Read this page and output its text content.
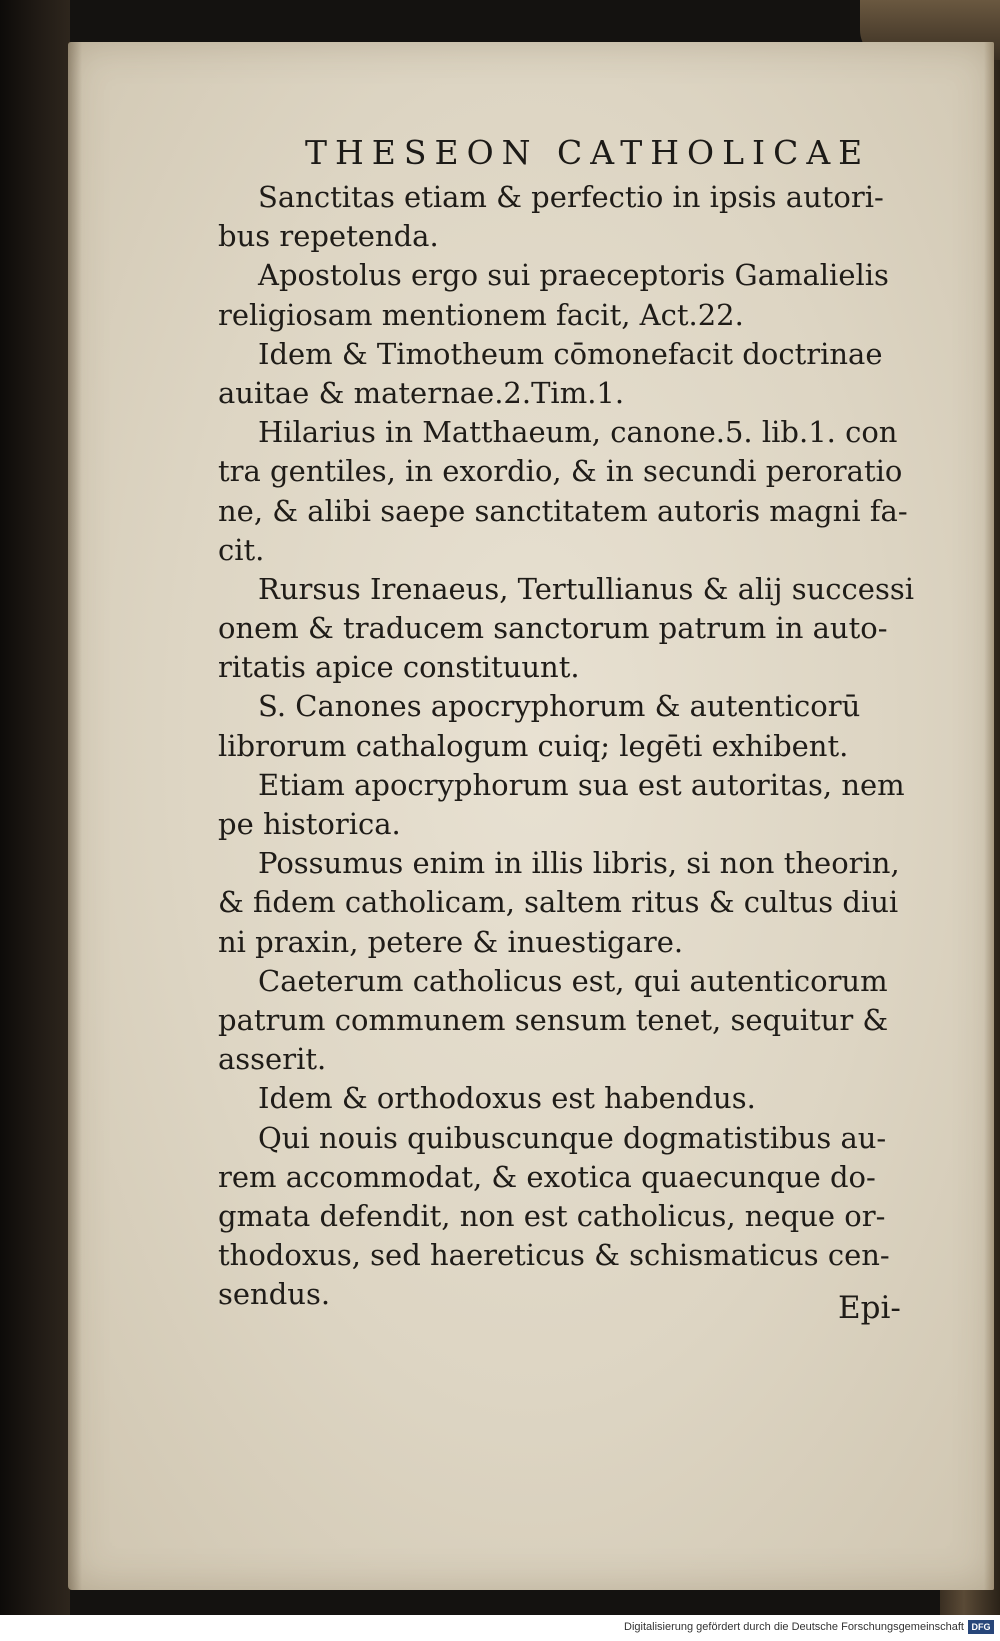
THESEON CATHOLICAE
Sanctitas etiam & perfectio in ipsis autori-
bus repetenda.
Apostolus ergo sui praeceptoris Gamalielis
religiosam mentionem facit, Act.22.
Idem & Timotheum cōmonefacit doctrinae
auitae & maternae.2.Tim.1.
Hilarius in Matthaeum, canone.5. lib.1. con
tra gentiles, in exordio, & in secundi peroratio
ne, & alibi saepe sanctitatem autoris magni fa-
cit.
Rursus Irenaeus, Tertullianus & alij successi
onem & traducem sanctorum patrum in auto-
ritatis apice constituunt.
S. Canones apocryphorum & autenticorū
librorum cathalogum cuiq; legēti exhibent.
Etiam apocryphorum sua est autoritas, nem
pe historica.
Possumus enim in illis libris, si non theorin,
& fidem catholicam, saltem ritus & cultus diui
ni praxin, petere & inuestigare.
Caeterum catholicus est, qui autenticorum
patrum communem sensum tenet, sequitur &
asserit.
Idem & orthodoxus est habendus.
Qui nouis quibuscunque dogmatistibus au-
rem accommodat, & exotica quaecunque do-
gmata defendit, non est catholicus, neque or-
thodoxus, sed haereticus & schismaticus cen-
sendus.	Epi-
Digitalisierung gefördert durch die Deutsche Forschungsgemeinschaft DFG
